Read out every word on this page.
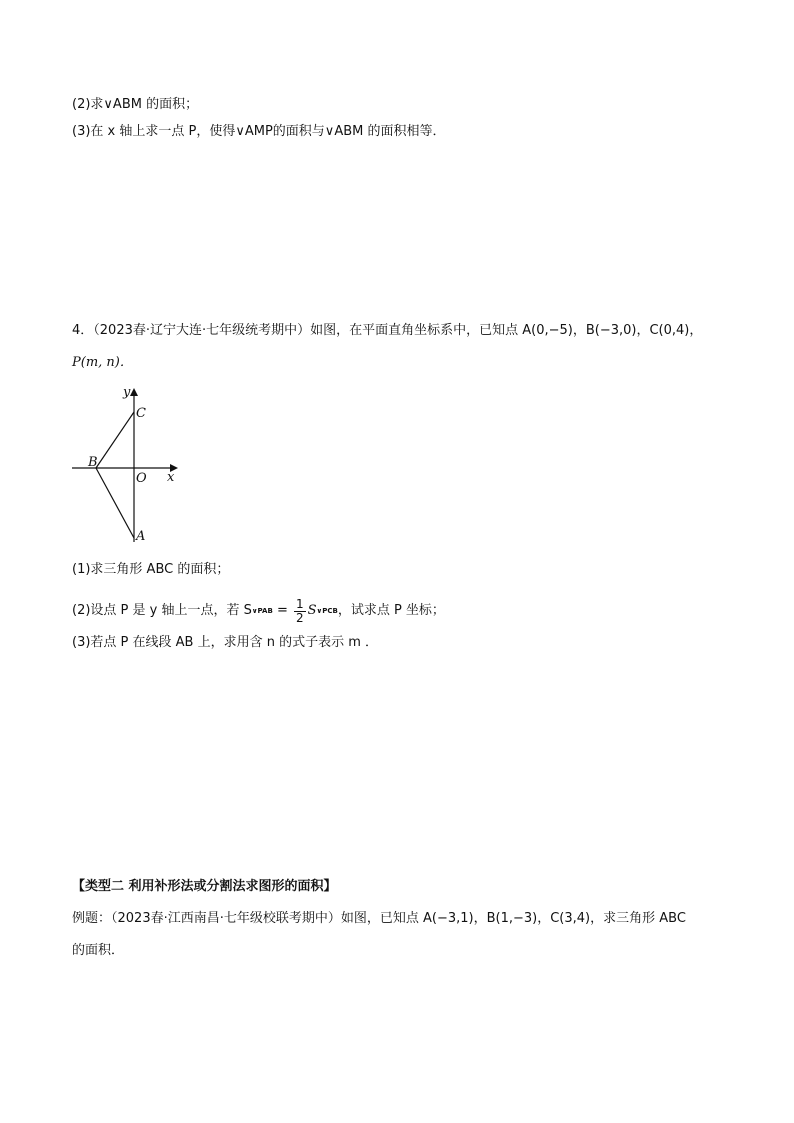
(2)求∨ABM 的面积；
(3)在 x 轴上求一点 P，使得∨AMP的面积与∨ABM 的面积相等．
4．（2023春·辽宁大连·七年级统考期中）如图，在平面直角坐标系中，已知点 A(0,−5)，B(−3,0)，C(0,4)，
P(m, n)．
y
x
C
B
O
A
(1)求三角形 ABC 的面积；
(2)设点 P 是 y 轴上一点，若 S ∨PAB = $\frac{1}{2}$ S ∨PCB ，试求点 P 坐标；
(3)若点 P 在线段 AB 上，求用含 n 的式子表示 m ．
【类型二 利用补形法或分割法求图形的面积】
例题：（2023春·江西南昌·七年级校联考期中）如图，已知点 A(−3,1)，B(1,−3)，C(3,4)，求三角形 ABC
的面积．
